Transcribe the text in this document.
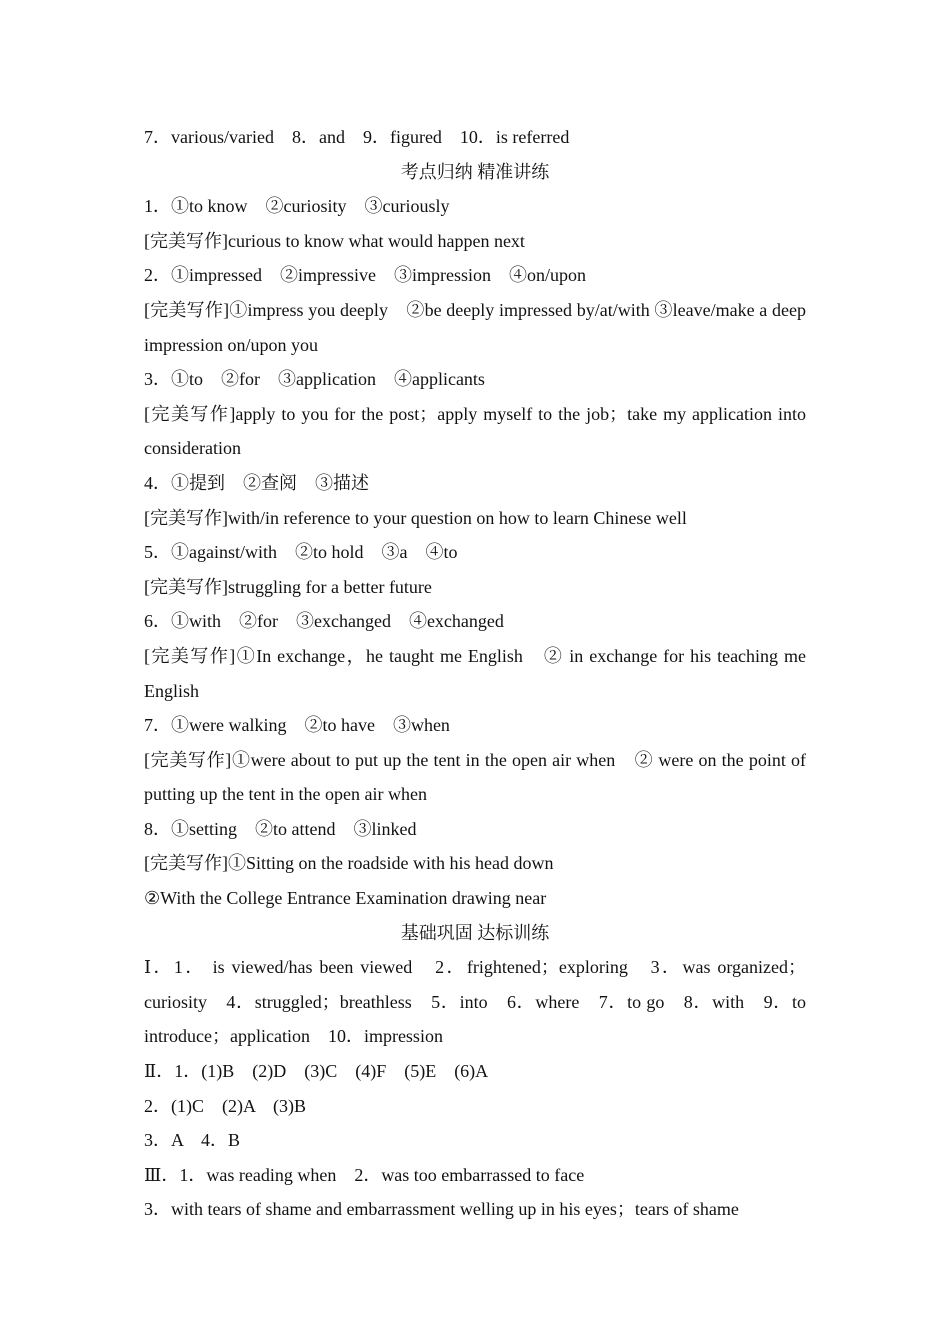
7．various/varied　8．and　9．figured　10．is referred
考点归纳 精准讲练
1．①to know　②curiosity　③curiously
[完美写作]curious to know what would happen next
2．①impressed　②impressive　③impression　④on/upon
[完美写作]①impress you deeply　②be deeply impressed by/at/with ③leave/make a deep impression on/upon you
3．①to　②for　③application　④applicants
[完美写作]apply to you for the post；apply myself to the job；take my application into consideration
4．①提到　②查阅　③描述
[完美写作]with/in reference to your question on how to learn Chinese well
5．①against/with　②to hold　③a　④to
[完美写作]struggling for a better future
6．①with　②for　③exchanged　④exchanged
[完美写作]①In exchange，he taught me English　② in exchange for his teaching me English
7．①were walking　②to have　③when
[完美写作]①were about to put up the tent in the open air when　② were on the point of putting up the tent in the open air when
8．①setting　②to attend　③linked
[完美写作]①Sitting on the roadside with his head down
②With the College Entrance Examination drawing near
基础巩固 达标训练
Ⅰ．1． is viewed/has been viewed　2．frightened；exploring　3．was organized；curiosity　4．struggled；breathless　5．into　6．where　7．to go　8．with　9．to introduce；application　10．impression
Ⅱ．1．(1)B　(2)D　(3)C　(4)F　(5)E　(6)A
2．(1)C　(2)A　(3)B
3．A　4．B
Ⅲ．1．was reading when　2．was too embarrassed to face
3．with tears of shame and embarrassment welling up in his eyes；tears of shame
